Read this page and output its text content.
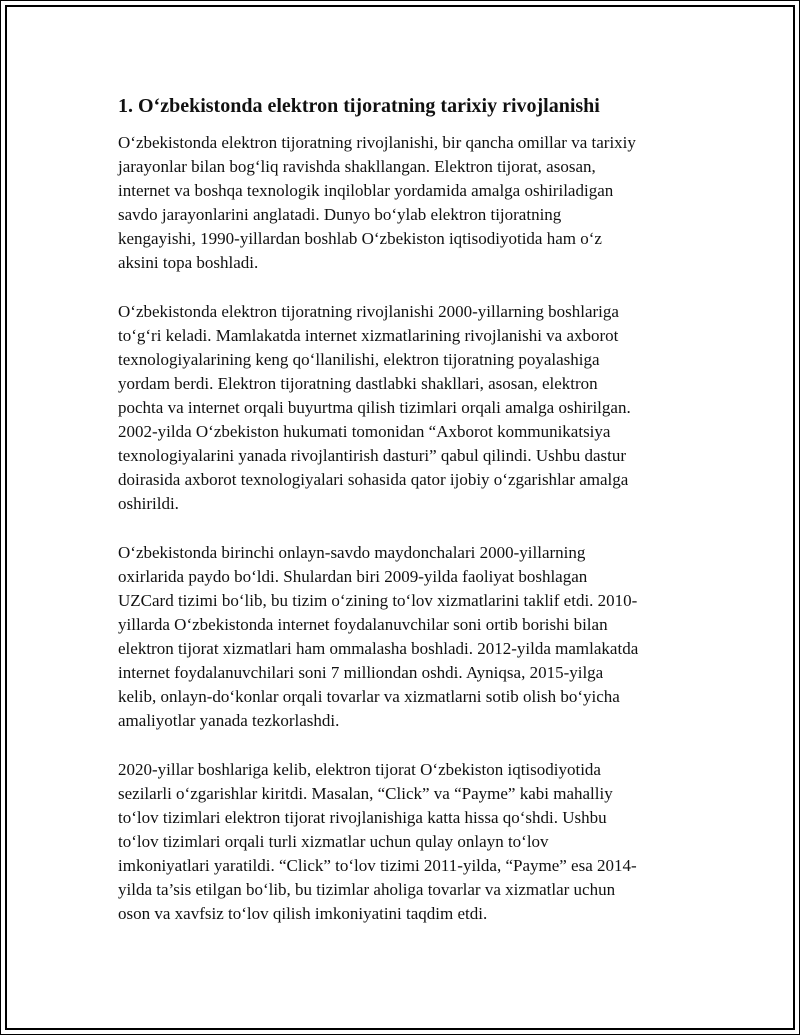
1. O‘zbekistonda elektron tijoratning tarixiy rivojlanishi
O‘zbekistonda elektron tijoratning rivojlanishi, bir qancha omillar va tarixiy
jarayonlar bilan bog‘liq ravishda shakllangan. Elektron tijorat, asosan,
internet va boshqa texnologik inqiloblar yordamida amalga oshiriladigan
savdo jarayonlarini anglatadi. Dunyo bo‘ylab elektron tijoratning
kengayishi, 1990-yillardan boshlab O‘zbekiston iqtisodiyotida ham o‘z
aksini topa boshladi.
O‘zbekistonda elektron tijoratning rivojlanishi 2000-yillarning boshlariga
to‘g‘ri keladi. Mamlakatda internet xizmatlarining rivojlanishi va axborot
texnologiyalarining keng qo‘llanilishi, elektron tijoratning poyalashiga
yordam berdi. Elektron tijoratning dastlabki shakllari, asosan, elektron
pochta va internet orqali buyurtma qilish tizimlari orqali amalga oshirilgan.
2002-yilda O‘zbekiston hukumati tomonidan “Axborot kommunikatsiya
texnologiyalarini yanada rivojlantirish dasturi” qabul qilindi. Ushbu dastur
doirasida axborot texnologiyalari sohasida qator ijobiy o‘zgarishlar amalga
oshirildi.
O‘zbekistonda birinchi onlayn-savdo maydonchalari 2000-yillarning
oxirlarida paydo bo‘ldi. Shulardan biri 2009-yilda faoliyat boshlagan
UZCard tizimi bo‘lib, bu tizim o‘zining to‘lov xizmatlarini taklif etdi. 2010-
yillarda O‘zbekistonda internet foydalanuvchilar soni ortib borishi bilan
elektron tijorat xizmatlari ham ommalasha boshladi. 2012-yilda mamlakatda
internet foydalanuvchilari soni 7 milliondan oshdi. Ayniqsa, 2015-yilga
kelib, onlayn-do‘konlar orqali tovarlar va xizmatlarni sotib olish bo‘yicha
amaliyotlar yanada tezkorlashdi.
2020-yillar boshlariga kelib, elektron tijorat O‘zbekiston iqtisodiyotida
sezilarli o‘zgarishlar kiritdi. Masalan, “Click” va “Payme” kabi mahalliy
to‘lov tizimlari elektron tijorat rivojlanishiga katta hissa qo‘shdi. Ushbu
to‘lov tizimlari orqali turli xizmatlar uchun qulay onlayn to‘lov
imkoniyatlari yaratildi. “Click” to‘lov tizimi 2011-yilda, “Payme” esa 2014-
yilda ta’sis etilgan bo‘lib, bu tizimlar aholiga tovarlar va xizmatlar uchun
oson va xavfsiz to‘lov qilish imkoniyatini taqdim etdi.
